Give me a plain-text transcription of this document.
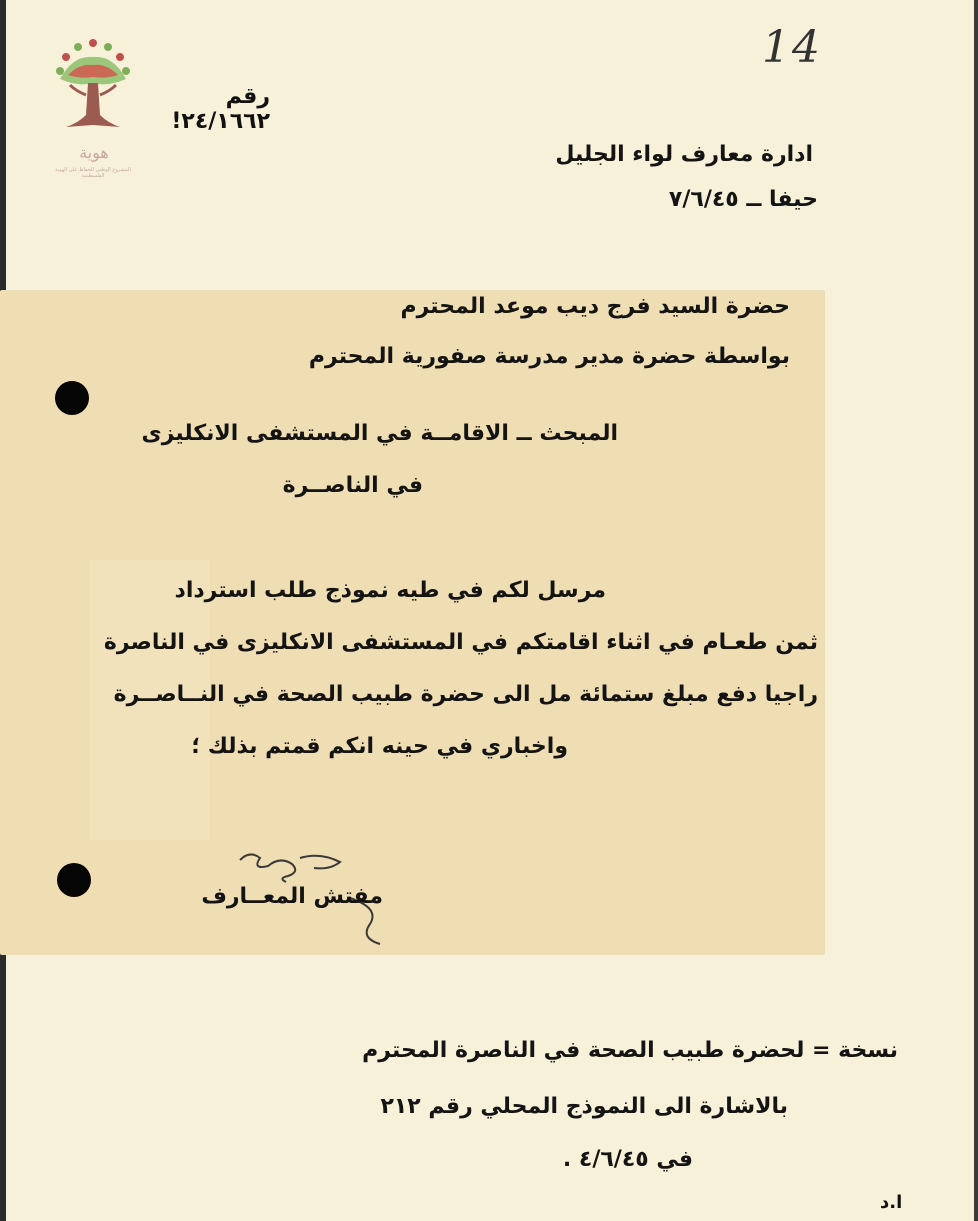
14
هوية
المشروع الوطني للحفاظ على الهوية الفلسطينية
رقم ٢٤/١٦٦٢!
ادارة معارف لواء الجليل
حيفا ــ ٧/٦/٤٥
حضرة السيد فرج ديب موعد المحترم
بواسطة حضرة مدير مدرسة صفورية المحترم
المبحث ــ الاقامــة في المستشفى الانكليزى
في الناصــرة
مرسل لكم في طيه نموذج طلب استرداد
ثمن طعـام في اثناء اقامتكم في المستشفى الانكليزى في الناصرة
راجيا دفع مبلغ ستمائة مل الى حضرة طبيب الصحة في النــاصــرة
واخباري في حينه انكم قمتم بذلك ؛
مفتش المعــارف
نسخة = لحضرة طبيب الصحة في الناصرة المحترم
بالاشارة الى النموذج المحلي رقم ٢١٢
في ٤/٦/٤٥ .
ا.د
